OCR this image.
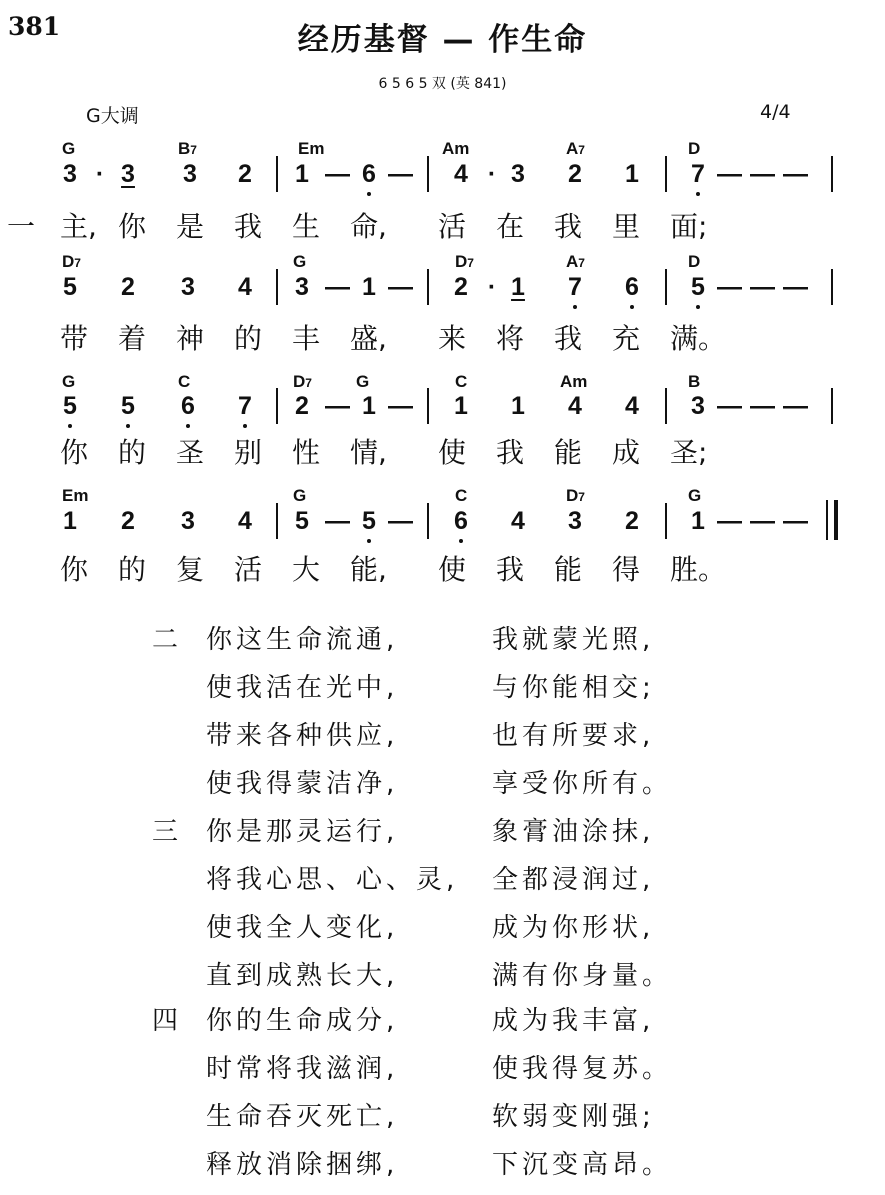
381	经历基督 — 作生命
6 5 6 5 双 (英 841)
G大调	4/4
G	B7	Em	Am	A7	D
3 · 3 3 2 1 — 6 — 4 · 3 2 1 7 — — —
一 主, 你 是 我 生 命, 活 在 我 里 面;
D7	G	D7	A7	D
5 2 3 4 3 — 1 — 2 · 1 7 6 5 — — —
带 着 神 的 丰 盛, 来 将 我 充 满。
G	C	D7	G	C	Am	B
5 5 6 7 2 — 1 — 1 1 4 4 3 — — —
你 的 圣 别 性 情, 使 我 能 成 圣;
Em	G	C	D7	G
1 2 3 4 5 — 5 — 6 4 3 2 1 — — —
你 的 复 活 大 能, 使 我 能 得 胜。
二 你这生命流通,	我就蒙光照,
使我活在光中,	与你能相交;
带来各种供应,	也有所要求,
使我得蒙洁净,	享受你所有。
三 你是那灵运行,	象膏油涂抹,
将我心思、心、灵, 全都浸润过,
使我全人变化,	成为你形状,
直到成熟长大,	满有你身量。
四 你的生命成分,	成为我丰富,
时常将我滋润,	使我得复苏。
生命吞灭死亡,	软弱变刚强;
释放消除捆绑,	下沉变高昂。
